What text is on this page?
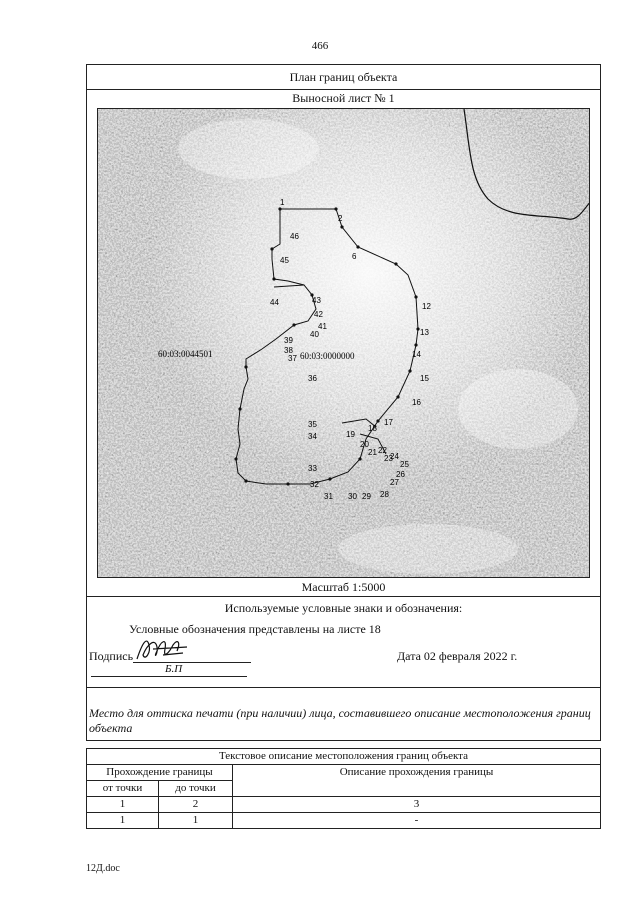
466
План границ объекта
Выносной лист № 1
60:03:0044501	60:03:0000000
1
2
6
12
13
14
15
16
17
18
19
20
21 22
23
24
25
26
27
28
29
30
31
32
33
34
35
36
37
38
39
40
41
42
43
44
45
46
Масштаб 1:5000
Используемые условные знаки и обозначения:
Условные обозначения представлены на листе 18
Подпись
Б.П
Дата 02 февраля 2022 г.
Место для оттиска печати (при наличии) лица, составившего описание местоположения границ объекта
Текстовое описание местоположения границ объекта		
Прохождение границы		Описание прохождения границы
от точки	до точки	
1	2	3
1	1	-
12Д.doc
